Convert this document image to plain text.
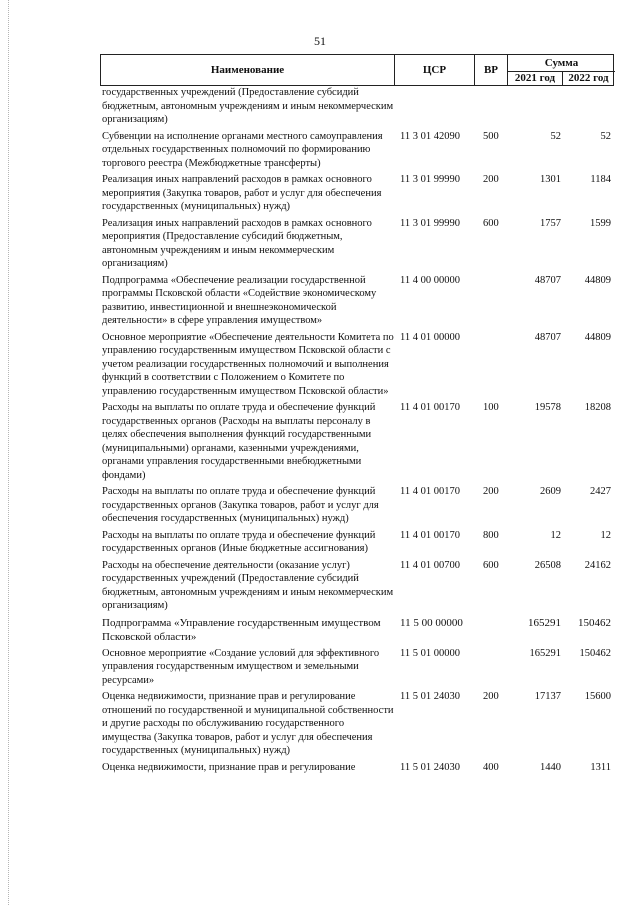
51
Наименование	ЦСР	ВР
Сумма
2021 год	2022 год
государственных учреждений (Предоставление субсидий бюджетным, автономным учреждениям и иным некоммерческим организациям)
Субвенции на исполнение органами местного самоуправления отдельных государственных полномочий по формированию торгового реестра (Межбюджетные трансферты)
11 3 01 42090 500	52	52
Реализация иных направлений расходов в рамках основного мероприятия (Закупка товаров, работ и услуг для обеспечения государственных (муниципальных) нужд)
11 3 01 99990 200	1301	1184
Реализация иных направлений расходов в рамках основного мероприятия (Предоставление субсидий бюджетным, автономным учреждениям и иным некоммерческим организациям)
11 3 01 99990 600	1757	1599
Подпрограмма «Обеспечение реализации государственной программы Псковской области «Содействие экономическому развитию, инвестиционной и внешнеэкономической деятельности» в сфере управления имуществом»
11 4 00 00000	48707	44809
Основное мероприятие «Обеспечение деятельности Комитета по управлению государственным имуществом Псковской области с учетом реализации государственных полномочий и выполнения функций в соответствии с Положением о Комитете по управлению государственным имуществом Псковской области»
11 4 01 00000	48707	44809
Расходы на выплаты по оплате труда и обеспечение функций государственных органов (Расходы на выплаты персоналу в целях обеспечения выполнения функций государственными (муниципальными) органами, казенными учреждениями, органами управления государственными внебюджетными фондами)
11 4 01 00170 100	19578	18208
Расходы на выплаты по оплате труда и обеспечение функций государственных органов (Закупка товаров, работ и услуг для обеспечения государственных (муниципальных) нужд)
11 4 01 00170 200	2609	2427
Расходы на выплаты по оплате труда и обеспечение функций государственных органов (Иные бюджетные ассигнования)
11 4 01 00170 800	12	12
Расходы на обеспечение деятельности (оказание услуг) государственных учреждений (Предоставление субсидий бюджетным, автономным учреждениям и иным некоммерческим организациям)
11 4 01 00700 600	26508	24162
Подпрограмма «Управление государственным имуществом Псковской области»
11 5 00 00000	165291	150462
Основное мероприятие «Создание условий для эффективного управления государственным имуществом и земельными ресурсами»
11 5 01 00000	165291	150462
Оценка недвижимости, признание прав и регулирование отношений по государственной и муниципальной собственности и другие расходы по обслуживанию государственного имущества (Закупка товаров, работ и услуг для обеспечения государственных (муниципальных) нужд)
11 5 01 24030 200	17137	15600
Оценка недвижимости, признание прав и регулирование	11 5 01 24030 400	1440	1311
